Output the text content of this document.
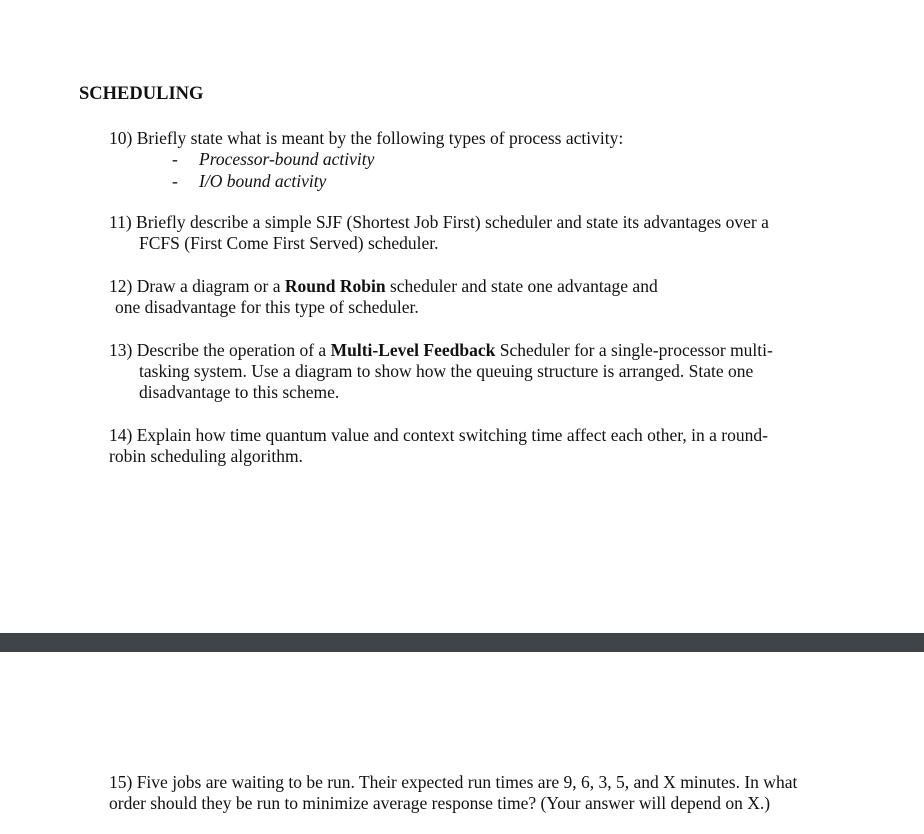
SCHEDULING
10) Briefly state what is meant by the following types of process activity:
- Processor-bound activity
- I/O bound activity
11) Briefly describe a simple SJF (Shortest Job First) scheduler and state its advantages over a
FCFS (First Come First Served) scheduler.
12) Draw a diagram or a Round Robin scheduler and state one advantage and
one disadvantage for this type of scheduler.
13) Describe the operation of a Multi-Level Feedback Scheduler for a single-processor multi-
tasking system. Use a diagram to show how the queuing structure is arranged. State one
disadvantage to this scheme.
14) Explain how time quantum value and context switching time affect each other, in a round-
robin scheduling algorithm.
15) Five jobs are waiting to be run. Their expected run times are 9, 6, 3, 5, and X minutes. In what
order should they be run to minimize average response time? (Your answer will depend on X.)
